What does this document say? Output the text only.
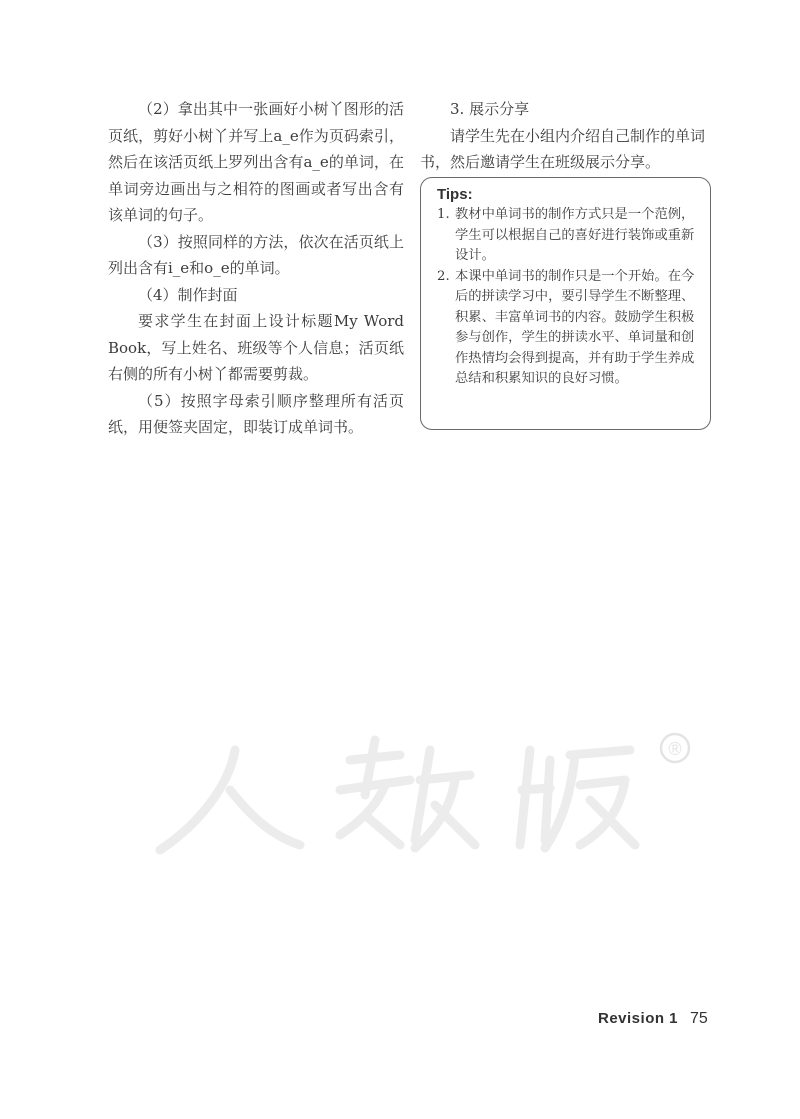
（2）拿出其中一张画好小树丫图形的活页纸，剪好小树丫并写上a_e作为页码索引，然后在该活页纸上罗列出含有a_e的单词，在单词旁边画出与之相符的图画或者写出含有该单词的句子。

（3）按照同样的方法，依次在活页纸上列出含有i_e和o_e的单词。

（4）制作封面

要求学生在封面上设计标题My Word Book，写上姓名、班级等个人信息；活页纸右侧的所有小树丫都需要剪裁。

（5）按照字母索引顺序整理所有活页纸，用便签夹固定，即装订成单词书。

3. 展示分享

请学生先在小组内介绍自己制作的单词书，然后邀请学生在班级展示分享。

Tips:
1. 教材中单词书的制作方式只是一个范例，学生可以根据自己的喜好进行装饰或重新设计。
2. 本课中单词书的制作只是一个开始。在今后的拼读学习中，要引导学生不断整理、积累、丰富单词书的内容。鼓励学生积极参与创作，学生的拼读水平、单词量和创作热情均会得到提高，并有助于学生养成总结和积累知识的良好习惯。
®
Revision 1 75
